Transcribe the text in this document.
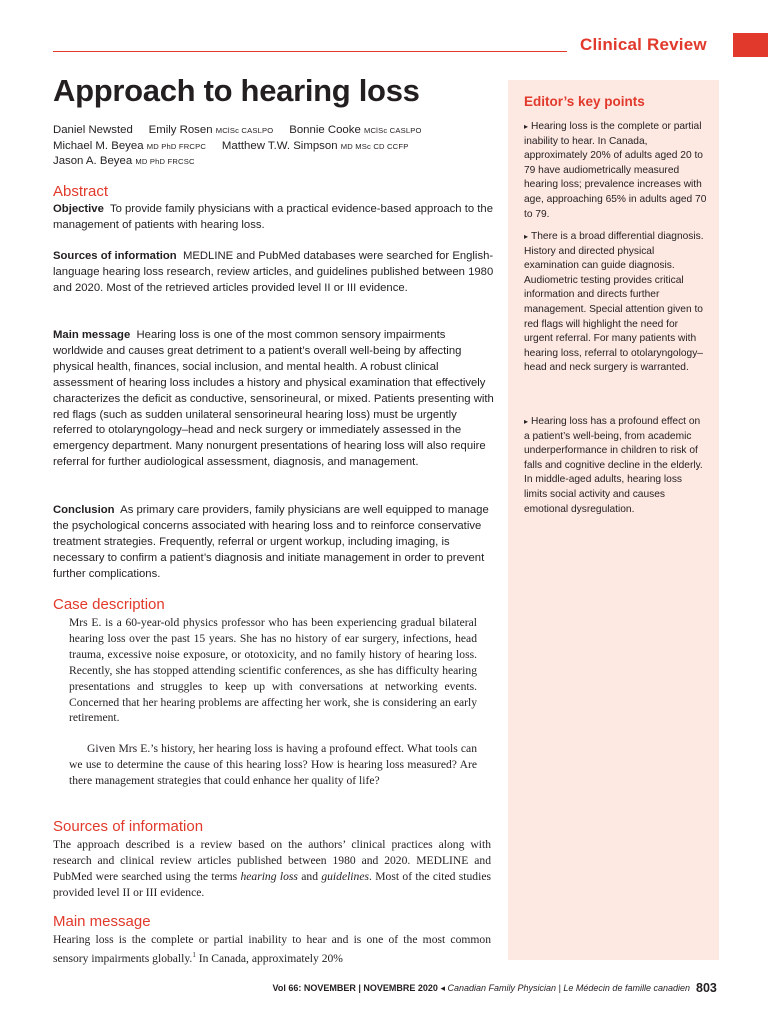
Clinical Review
Approach to hearing loss
Daniel Newsted Emily Rosen MClSc CASLPO Bonnie Cooke MClSc CASLPO
Michael M. Beyea MD PhD FRCPC Matthew T.W. Simpson MD MSc CD CCFP
Jason A. Beyea MD PhD FRCSC
Abstract

Objective To provide family physicians with a practical evidence-based approach to the management of patients with hearing loss.

Sources of information MEDLINE and PubMed databases were searched for English-language hearing loss research, review articles, and guidelines published between 1980 and 2020. Most of the retrieved articles provided level II or III evidence.

Main message Hearing loss is one of the most common sensory impairments worldwide and causes great detriment to a patient’s overall well-being by affecting physical health, finances, social inclusion, and mental health. A robust clinical assessment of hearing loss includes a history and physical examination that effectively characterizes the deficit as conductive, sensorineural, or mixed. Patients presenting with red flags (such as sudden unilateral sensorineural hearing loss) must be urgently referred to otolaryngology–head and neck surgery or immediately assessed in the emergency department. Many nonurgent presentations of hearing loss will also require referral for further audiological assessment, diagnosis, and management.

Conclusion As primary care providers, family physicians are well equipped to manage the psychological concerns associated with hearing loss and to reinforce conservative treatment strategies. Frequently, referral or urgent workup, including imaging, is necessary to confirm a patient’s diagnosis and initiate management in order to prevent further complications.

Case description

Mrs E. is a 60-year-old physics professor who has been experiencing gradual bilateral hearing loss over the past 15 years. She has no history of ear surgery, infections, head trauma, excessive noise exposure, or ototoxicity, and no family history of hearing loss. Recently, she has stopped attending scientific conferences, as she has difficulty hearing presentations and struggles to keep up with conversations at networking events. Concerned that her hearing problems are affecting her work, she is considering an early retirement.

Given Mrs E.’s history, her hearing loss is having a profound effect. What tools can we use to determine the cause of this hearing loss? How is hearing loss measured? Are there management strategies that could enhance her quality of life?

Sources of information

The approach described is a review based on the authors’ clinical practices along with research and clinical review articles published between 1980 and 2020. MEDLINE and PubMed were searched using the terms hearing loss and guidelines. Most of the cited studies provided level II or III evidence.

Main message

Hearing loss is the complete or partial inability to hear and is one of the most common sensory impairments globally.$^1$ In Canada, approximately 20%

Editor’s key points

▸ Hearing loss is the complete or partial inability to hear. In Canada, approximately 20% of adults aged 20 to 79 have audiometrically measured hearing loss; prevalence increases with age, approaching 65% in adults aged 70 to 79.

▸ There is a broad differential diagnosis. History and directed physical examination can guide diagnosis. Audiometric testing provides critical information and directs further management. Special attention given to red flags will highlight the need for urgent referral. For many patients with hearing loss, referral to otolaryngology–head and neck surgery is warranted.

▸ Hearing loss has a profound effect on a patient’s well-being, from academic underperformance in children to risk of falls and cognitive decline in the elderly. In middle-aged adults, hearing loss limits social activity and causes emotional dysregulation.

Vol 66: NOVEMBER | NOVEMBRE 2020 ◂ Canadian Family Physician | Le Médecin de famille canadien 803
